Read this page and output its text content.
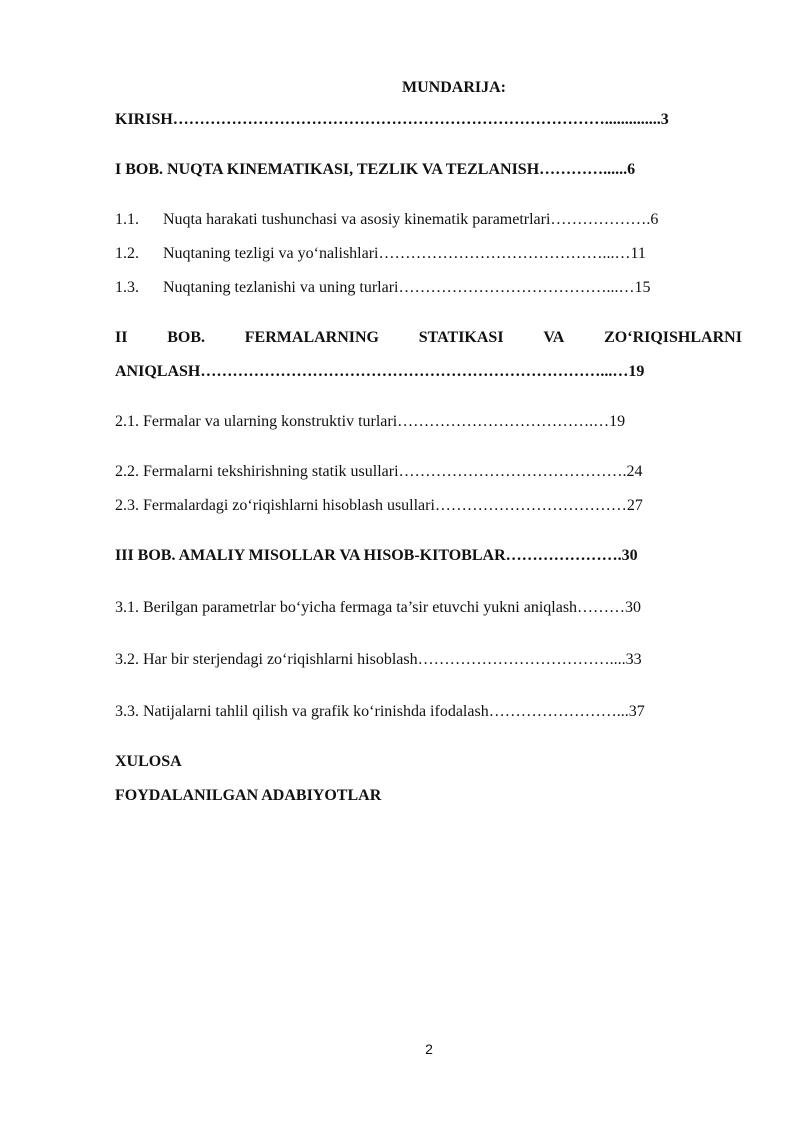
MUNDARIJA:
KIRISH………………………………………………………………………..............3
I BOB. NUQTA KINEMATIKASI, TEZLIK VA TEZLANISH…………......6
1.1. Nuqta harakati tushunchasi va asosiy kinematik parametrlari……………….6
1.2. Nuqtaning tezligi va yo‘nalishlari……………………………………...…11
1.3. Nuqtaning tezlanishi va uning turlari…………………………………...…15
II BOB. FERMALARNING STATIKASI VA ZO‘RIQISHLARNI
ANIQLASH…………………………………………………………………...…19
2.1. Fermalar va ularning konstruktiv turlari……………………………….…19
2.2. Fermalarni tekshirishning statik usullari…………………………………….24
2.3. Fermalardagi zo‘riqishlarni hisoblash usullari………………………………27
III BOB. AMALIY MISOLLAR VA HISOB-KITOBLAR………………….30
3.1. Berilgan parametrlar bo‘yicha fermaga ta’sir etuvchi yukni aniqlash………30
3.2. Har bir sterjendagi zo‘riqishlarni hisoblash………………………………....33
3.3. Natijalarni tahlil qilish va grafik ko‘rinishda ifodalash……………………...37
XULOSA
FOYDALANILGAN ADABIYOTLAR
2
